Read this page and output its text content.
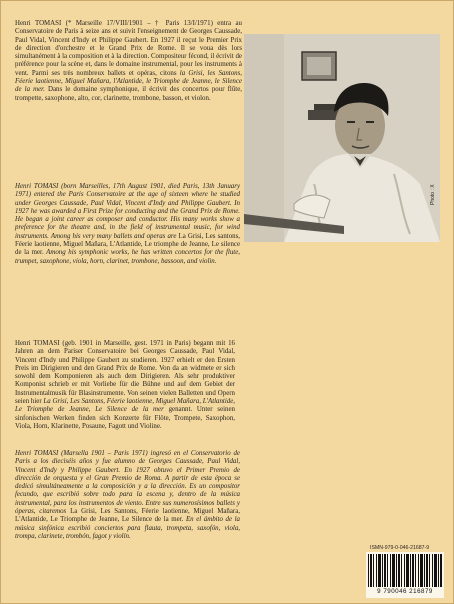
Henri TOMASI (* Marseille 17/VIII/1901 – † Paris 13/I/1971) entra au Conservatoire de Paris à seize ans et suivit l'enseignement de Georges Caussade, Paul Vidal, Vincent d'Indy et Philippe Gaubert. En 1927 il reçut le Premier Prix de direction d'orchestre et le Grand Prix de Rome. Il se voua dès lors simultanément à la composition et à la direction. Compositeur fécond, il écrivit de préférence pour la scène et, dans le domaine instrumental, pour les instruments à vent. Parmi ses très nombreux ballets et opéras, citons la Grisi, les Santons, Féerie laotienne, Miguel Mañara, l'Atlantide, le Triomphe de Jeanne, le Silence de la mer. Dans le domaine symphonique, il écrivit des concertos pour flûte, trompette, saxophone, alto, cor, clarinette, trombone, basson, et violon.

Photo : X

Henri TOMASI (born Marseilles, 17th August 1901, died Paris, 13th January 1971) entered the Paris Conservatoire at the age of sixteen where he studied under Georges Caussade, Paul Vidal, Vincent d'Indy and Philippe Gaubert. In 1927 he was awarded a First Prize for conducting and the Grand Prix de Rome. He began a joint career as composer and conductor. His many works show a preference for the theatre and, in the field of instrumental music, for wind instruments. Among his very many ballets and operas are La Grisi, Les santons, Féerie laotienne, Miguel Mañara, L'Atlantide, Le triomphe de Jeanne, Le silence de la mer. Among his symphonic works, he has written concertos for the flute, trumpet, saxophone, viola, horn, clarinet, trombone, bassoon, and violin.

Henri TOMASI (geb. 1901 in Marseille, gest. 1971 in Paris) begann mit 16 Jahren an dem Pariser Conservatoire bei Georges Caussade, Paul Vidal, Vincent d'Indy und Philippe Gaubert zu studieren. 1927 erhielt er den Ersten Preis im Dirigieren und den Grand Prix de Rome. Von da an widmete er sich sowohl dem Komponieren als auch dem Dirigieren. Als sehr produktiver Komponist schrieb er mit Vorliebe für die Bühne und auf dem Gebiet der Instrumentalmusik für Blasinstrumente. Von seinen vielen Balletten und Opern seien hier La Grisi, Les Santons, Féerie laotienne, Miguel Mañara, L'Atlantide, Le Triomphe de Jeanne, Le Silence de la mer genannt. Unter seinen sinfonischen Werken finden sich Konzerte für Flöte, Trompete, Saxophon, Viola, Horn, Klarinette, Posaune, Fagott und Violine.

Henri TOMASI (Marsella 1901 – Paris 1971) ingresó en el Conservatorio de Paris a los dieciséis años y fue alumno de Georges Caussade, Paul Vidal, Vincent d'Indy y Philippe Gaubert. En 1927 obtuvo el Primer Premio de dirección de orquesta y el Gran Premio de Roma. A partir de esta época se dedicó simultáneamente a la composición y a la dirección. Es un compositor fecundo, que escribió sobre todo para la escena y, dentro de la música instrumental, para los instrumentos de viento. Entre sus numerosísimos ballets y óperas, citaremos La Grisi, Les Santons, Féerie laotienne, Miguel Mañara, L'Atlantide, Le Triomphe de Jeanne, Le Silence de la mer. En el ámbito de la música sinfónica escribió conciertos para flauta, trompeta, saxofón, viola, trompa, clarinete, trombón, fagot y violín.

ISMN-979-0-046-21687-9
9 790046 216879
